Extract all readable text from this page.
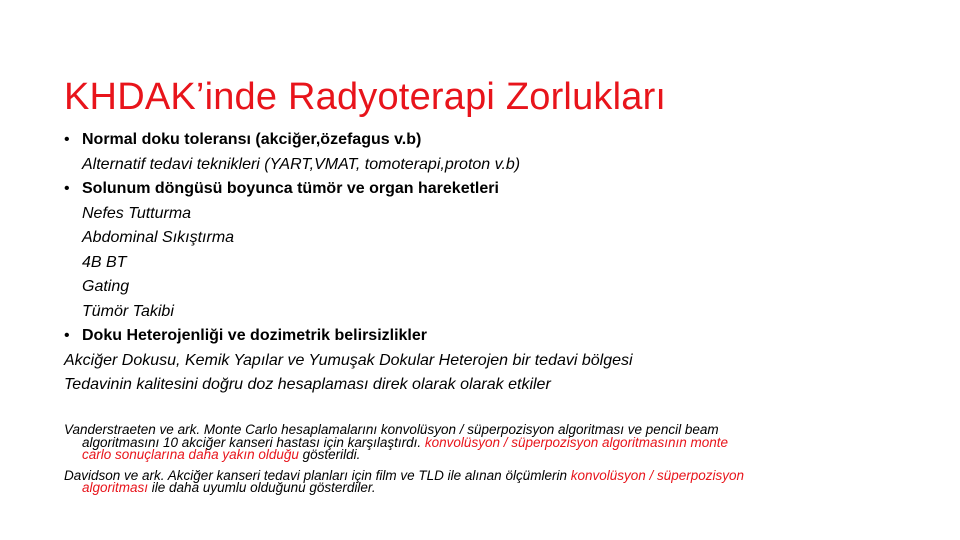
KHDAK’inde Radyoterapi Zorlukları
• Normal doku toleransı (akciğer,özefagus v.b)
Alternatif tedavi teknikleri (YART,VMAT, tomoterapi,proton v.b)
• Solunum döngüsü boyunca tümör ve organ hareketleri
Nefes Tutturma
Abdominal Sıkıştırma
4B BT
Gating
Tümör Takibi
• Doku Heterojenliği ve dozimetrik belirsizlikler
Akciğer Dokusu, Kemik Yapılar ve Yumuşak Dokular Heterojen bir tedavi bölgesi
Tedavinin kalitesini doğru doz hesaplaması direk olarak olarak etkiler
Vanderstraeten ve ark. Monte Carlo hesaplamalarını konvolüsyon / süperpozisyon algoritması ve pencil beam
algoritmasını 10 akciğer kanseri hastası için karşılaştırdı. konvolüsyon / süperpozisyon algoritmasının monte
carlo sonuçlarına daha yakın olduğu gösterildi.
Davidson ve ark. Akciğer kanseri tedavi planları için film ve TLD ile alınan ölçümlerin konvolüsyon / süperpozisyon
algoritması ile daha uyumlu olduğunu gösterdiler.
